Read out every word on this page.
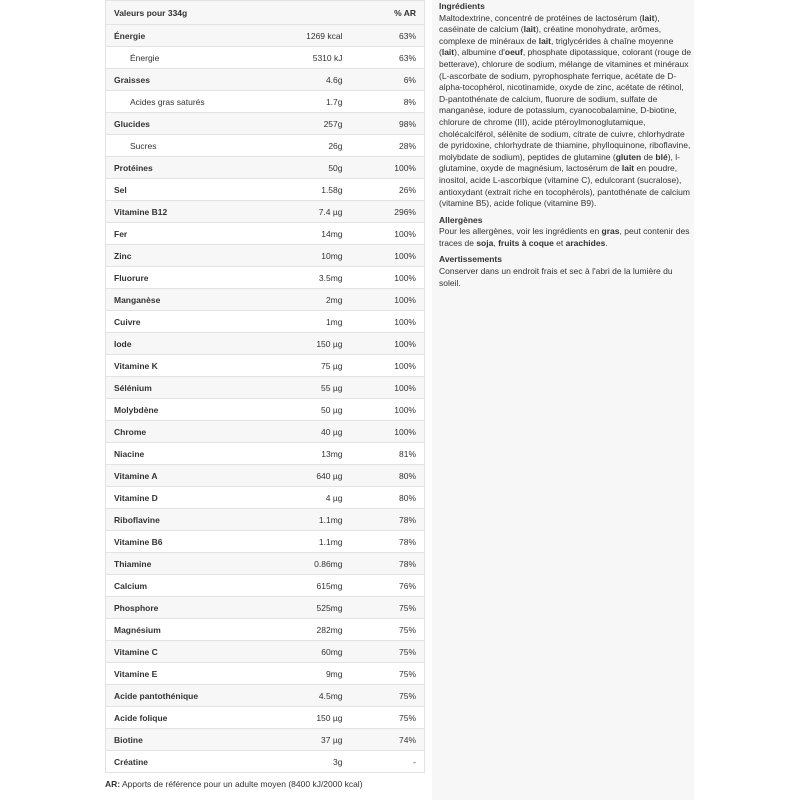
Valeurs pour 334g		% AR
Énergie	1269 kcal	63%
Énergie	5310 kJ	63%
Graisses	4.6g	6%
Acides gras saturés	1.7g	8%
Glucides	257g	98%
Sucres	26g	28%
Protéines	50g	100%
Sel	1.58g	26%
Vitamine B12	7.4 µg	296%
Fer	14mg	100%
Zinc	10mg	100%
Fluorure	3.5mg	100%
Manganèse	2mg	100%
Cuivre	1mg	100%
Iode	150 µg	100%
Vitamine K	75 µg	100%
Sélénium	55 µg	100%
Molybdène	50 µg	100%
Chrome	40 µg	100%
Niacine	13mg	81%
Vitamine A	640 µg	80%
Vitamine D	4 µg	80%
Riboflavine	1.1mg	78%
Vitamine B6	1.1mg	78%
Thiamine	0.86mg	78%
Calcium	615mg	76%
Phosphore	525mg	75%
Magnésium	282mg	75%
Vitamine C	60mg	75%
Vitamine E	9mg	75%
Acide pantothénique	4.5mg	75%
Acide folique	150 µg	75%
Biotine	37 µg	74%
Créatine	3g	-
AR: Apports de référence pour un adulte moyen (8400 kJ/2000 kcal)
Ingrédients

Maltodextrine, concentré de protéines de lactosérum (lait), caséinate de calcium (lait), créatine monohydrate, arômes, complexe de minéraux de lait, triglycérides à chaîne moyenne (lait), albumine d'oeuf, phosphate dipotassique, colorant (rouge de betterave), chlorure de sodium, mélange de vitamines et minéraux (L-ascorbate de sodium, pyrophosphate ferrique, acétate de D-alpha-tocophérol, nicotinamide, oxyde de zinc, acétate de rétinol, D-pantothénate de calcium, fluorure de sodium, sulfate de manganèse, iodure de potassium, cyanocobalamine, D-biotine, chlorure de chrome (III), acide ptéroylmonoglutamique, cholécalciférol, sélénite de sodium, citrate de cuivre, chlorhydrate de pyridoxine, chlorhydrate de thiamine, phylloquinone, riboflavine, molybdate de sodium), peptides de glutamine (gluten de blé), l-glutamine, oxyde de magnésium, lactosérum de lait en poudre, inositol, acide L-ascorbique (vitamine C), edulcorant (sucralose), antioxydant (extrait riche en tocophérols), pantothénate de calcium (vitamine B5), acide folique (vitamine B9).

Allergènes

Pour les allergènes, voir les ingrédients en gras, peut contenir des traces de soja, fruits à coque et arachides.

Avertissements

Conserver dans un endroit frais et sec à l'abri de la lumière du soleil.
